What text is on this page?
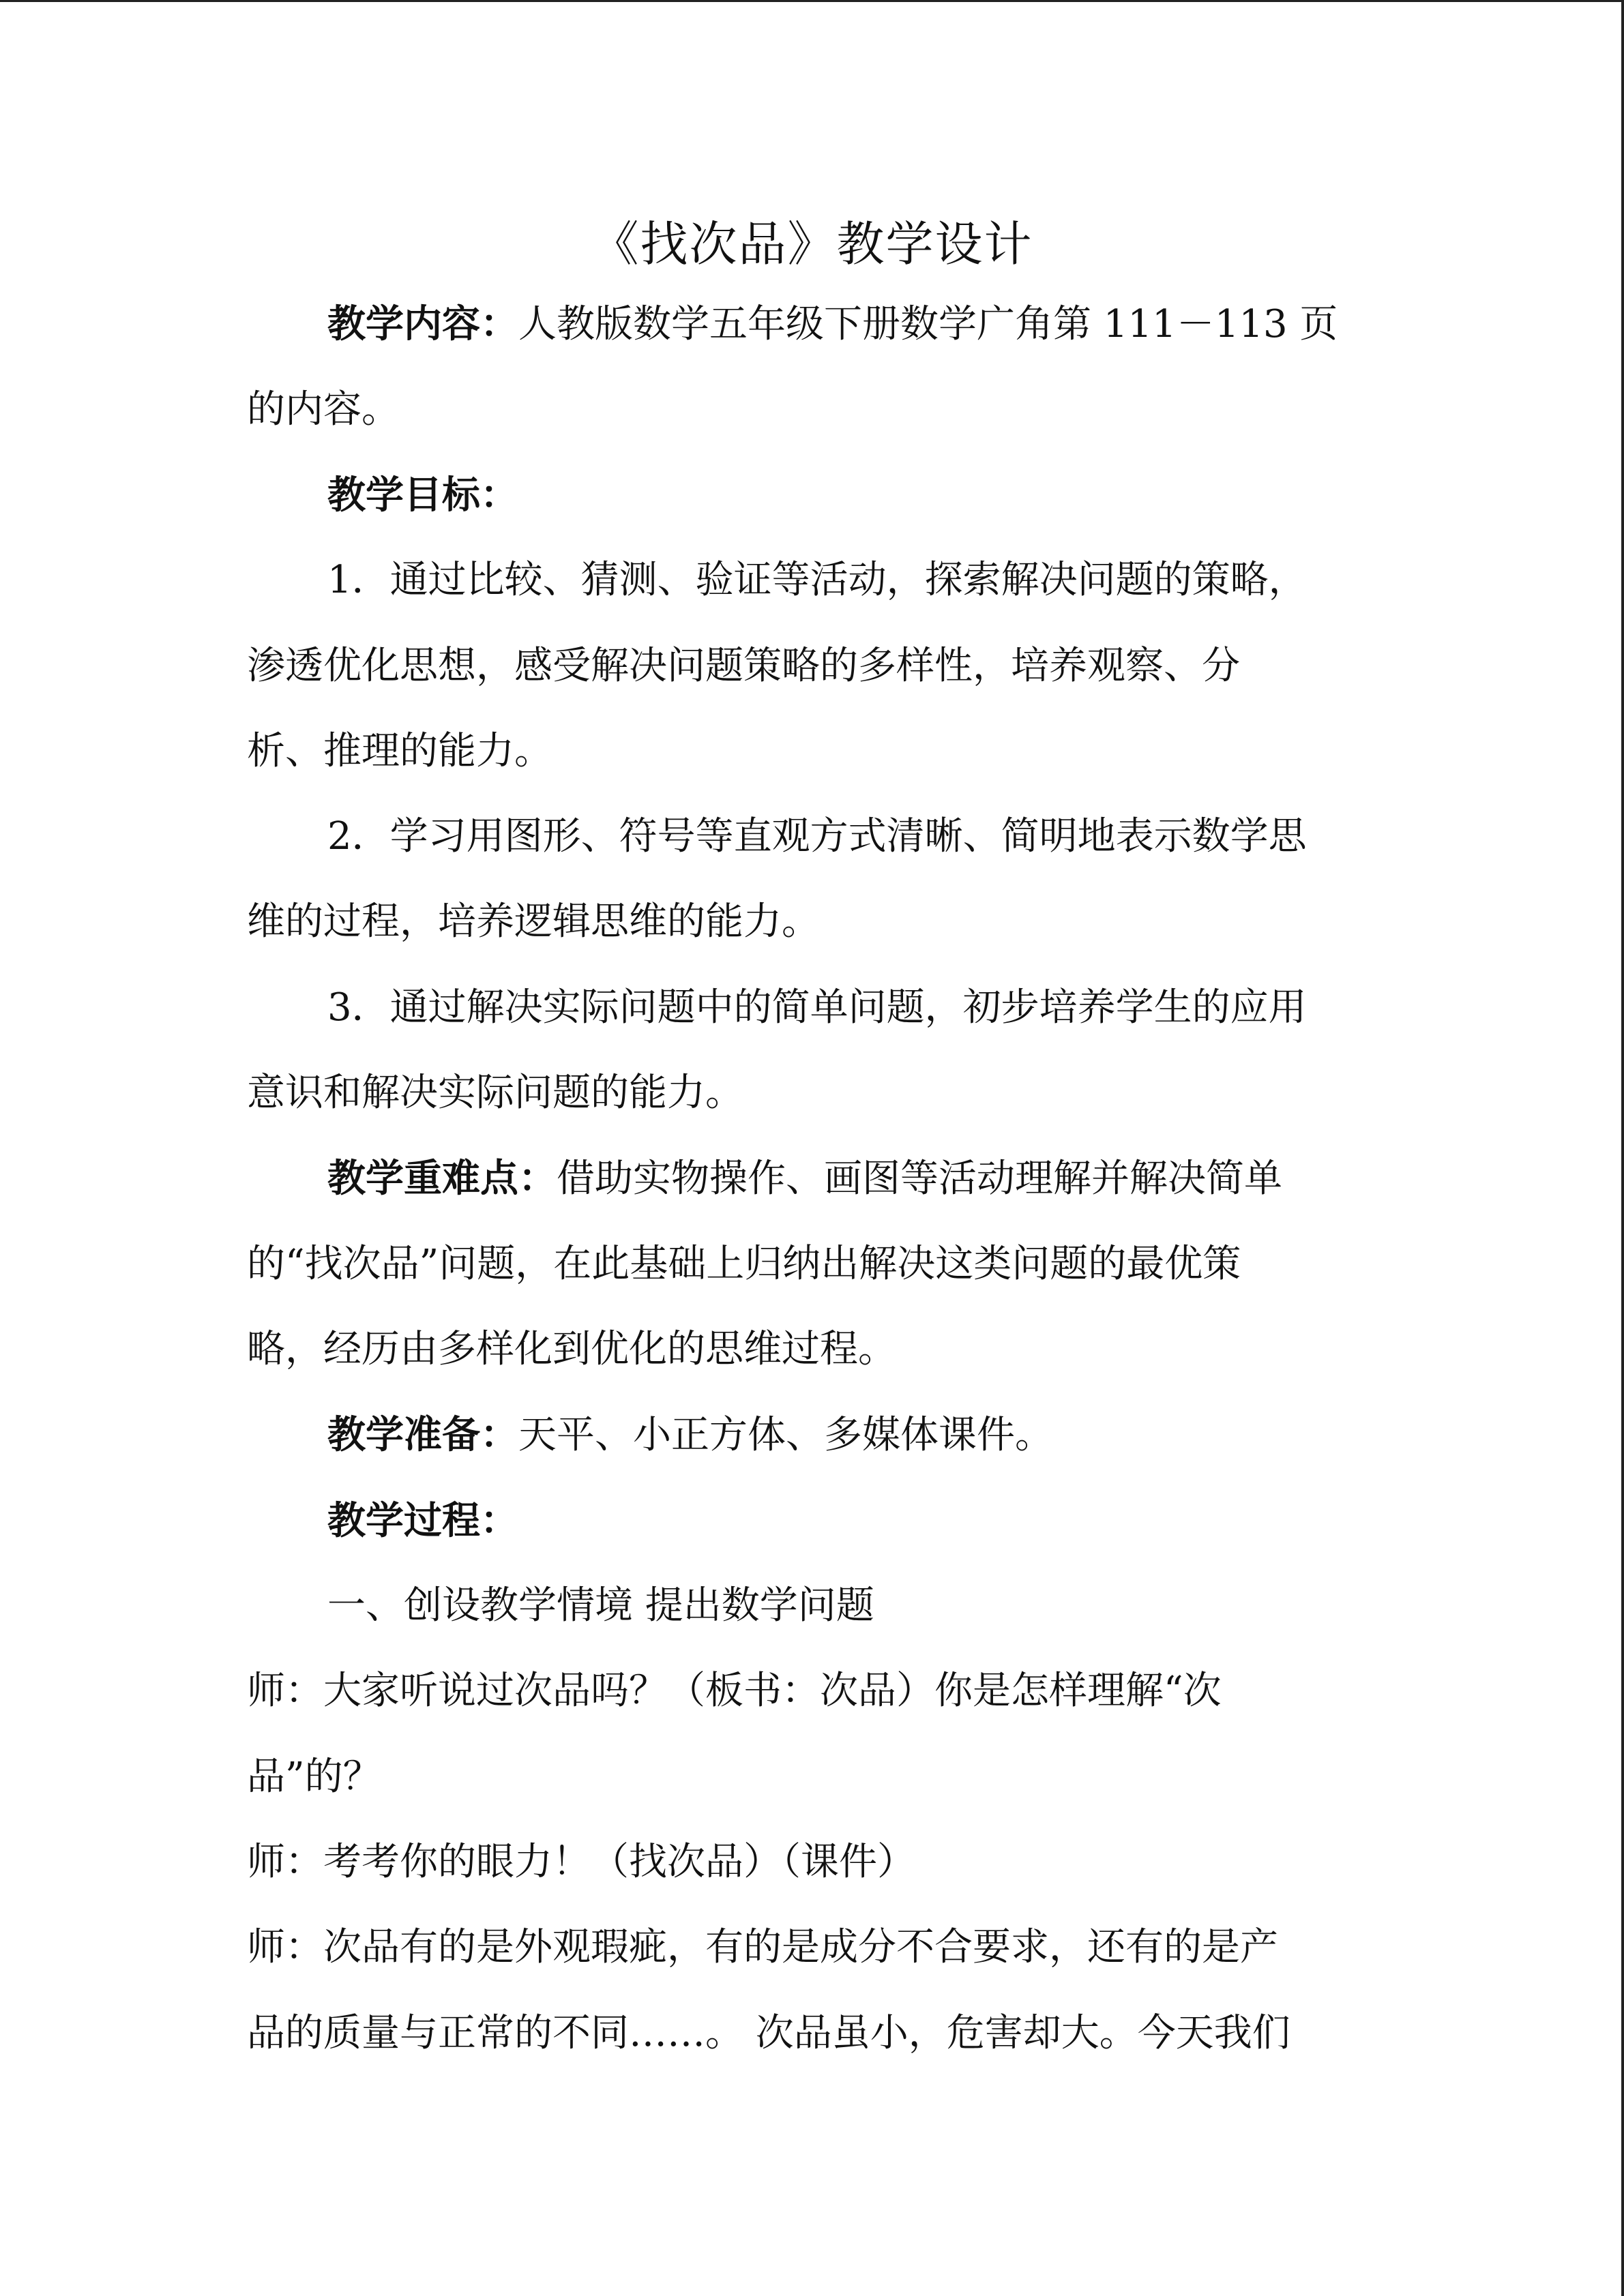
《找次品》教学设计
教学内容：人教版数学五年级下册数学广角第 111－113 页
的内容。
教学目标：
1．通过比较、猜测、验证等活动，探索解决问题的策略，
渗透优化思想，感受解决问题策略的多样性，培养观察、分
析、推理的能力。
2．学习用图形、符号等直观方式清晰、简明地表示数学思
维的过程，培养逻辑思维的能力。
3．通过解决实际问题中的简单问题，初步培养学生的应用
意识和解决实际问题的能力。
教学重难点：借助实物操作、画图等活动理解并解决简单
的“找次品”问题，在此基础上归纳出解决这类问题的最优策
略，经历由多样化到优化的思维过程。
教学准备：天平、小正方体、多媒体课件。
教学过程：
一、创设教学情境 提出数学问题
师：大家听说过次品吗？（板书：次品）你是怎样理解“次
品”的？
师：考考你的眼力！（找次品）（课件）
师：次品有的是外观瑕疵，有的是成分不合要求，还有的是产
品的质量与正常的不同……。 次品虽小，危害却大。今天我们
